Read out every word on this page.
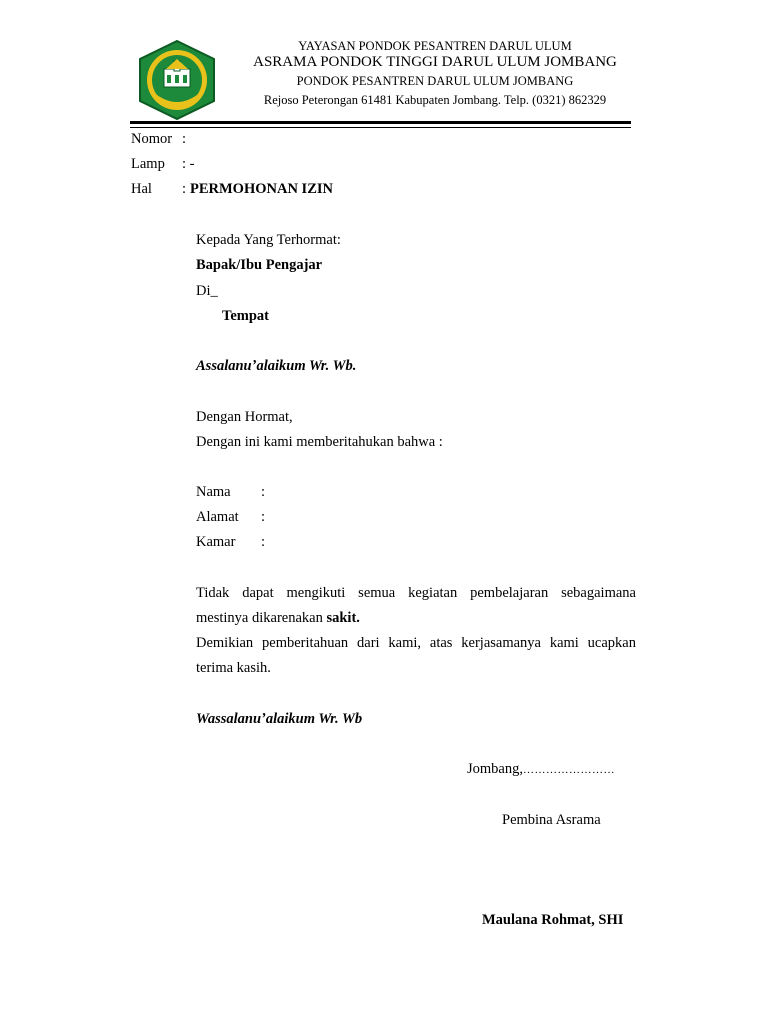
YAYASAN PONDOK PESANTREN DARUL ULUM
ASRAMA PONDOK TINGGI DARUL ULUM JOMBANG
PONDOK PESANTREN DARUL ULUM JOMBANG
Rejoso Peterongan 61481 Kabupaten Jombang. Telp. (0321) 862329
Nomor :
Lamp : -
Hal : PERMOHONAN IZIN
Kepada Yang Terhormat:
Bapak/Ibu Pengajar
Di_
Tempat
Assalanuʼalaikum Wr. Wb.
Dengan Hormat,
Dengan ini kami memberitahukan bahwa :
Nama :
Alamat :
Kamar :
Tidak dapat mengikuti semua kegiatan pembelajaran sebagaimana
mestinya dikarenakan sakit.
Demikian pemberitahuan dari kami, atas kerjasamanya kami ucapkan
terima kasih.
Wassalanuʼalaikum Wr. Wb
Jombang,……………………
Pembina Asrama
Maulana Rohmat, SHI
